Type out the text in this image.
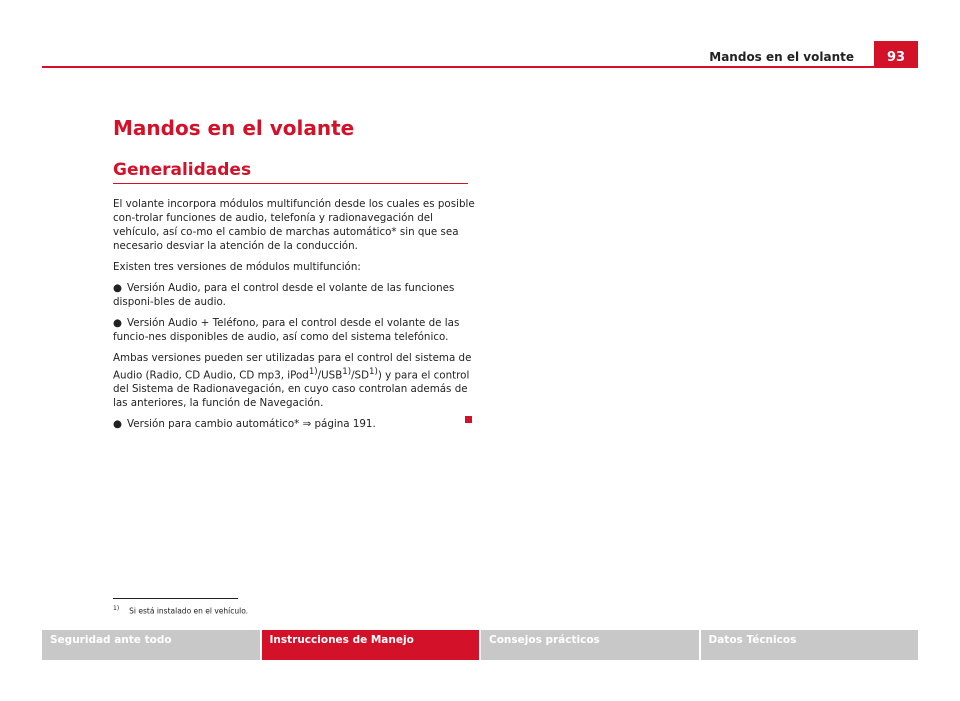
Mandos en el volante	93
Mandos en el volante
Generalidades

El volante incorpora módulos multifunción desde los cuales es posible con-trolar funciones de audio, telefonía y radionavegación del vehículo, así co-mo el cambio de marchas automático* sin que sea necesario desviar la atención de la conducción.

Existen tres versiones de módulos multifunción:

● Versión Audio, para el control desde el volante de las funciones disponi-bles de audio.

● Versión Audio + Teléfono, para el control desde el volante de las funcio-nes disponibles de audio, así como del sistema telefónico.

Ambas versiones pueden ser utilizadas para el control del sistema de Audio (Radio, CD Audio, CD mp3, iPod$^{1)}$/USB$^{1)}$/SD$^{1)}$) y para el control del Sistema de Radionavegación, en cuyo caso controlan además de las anteriores, la función de Navegación.

● Versión para cambio automático* ⇒ página 191.

$^{1)}$ Si está instalado en el vehículo.
Seguridad ante todo	Instrucciones de Manejo	Consejos prácticos	Datos Técnicos
